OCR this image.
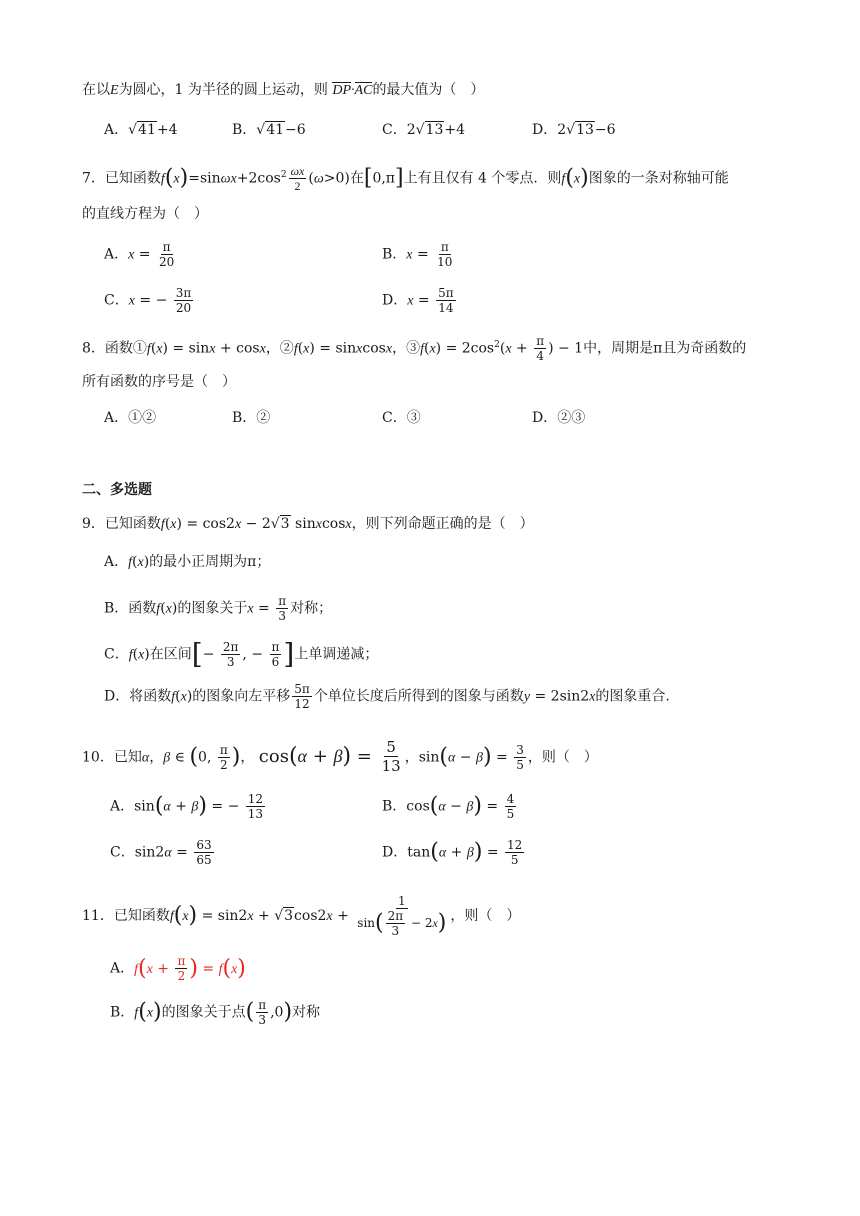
在以E为圆心，1 为半径的圆上运动，则 DP·AC的最大值为（　）
A．√41+4	B．√41−6	C．2√13+4	D．2√13−6
7．已知函数$f(x)=\sin\omega x+2\cos^2 \frac{\omega x}{2} (\omega>0)$在[0,π]上有且仅有 4 个零点．则f(x)图象的一条对称轴可能
的直线方程为（　）
A．$x = \frac{\pi}{20}$	B．$x = \frac{\pi}{10}$
C．x = − $\frac{3\pi}{20}$	D．$x = \frac{5\pi}{14}$
8．函数①f(x) = sinx + cosx，②f(x) = sinxcosx，③f(x) = $2\cos^2(x + \frac{\pi}{4}$ ) − 1中，周期是π且为奇函数的
所有函数的序号是（　）
A．①②	B．②	C．③	D．②③
二、多选题
9．已知函数f(x) = cos2x − 2√3 sinxcosx，则下列命题正确的是（　）
A．f(x)的最小正周期为π；
B．函数f(x)的图象关于$x = \frac{\pi}{3}$ 对称；
C．f(x)在区间[− $\frac{2\pi}{3}$ , − $\frac{\pi}{6}$ ]上单调递减；
D．将函数f(x)的图象向左平移 $\frac{5\pi}{12}$ 个单位长度后所得到的图象与函数y = 2sin2x的图象重合.
10．已知α，β ∈ (0, $\frac{\pi}{2}$ )， $\cos(\alpha + \beta) = \frac{5}{13}$ ，$\sin(\alpha - \beta) = \frac{3}{5}$ ，则（　）
A．sin(α + β) = − $\frac{12}{13}$	B．$\cos(\alpha - \beta) = \frac{4}{5}$
C．$\sin 2\alpha = \frac{63}{65}$	D．$\tan(\alpha + \beta) = \frac{12}{5}$
11．已知函数$f(x) = \sin 2x + √3\cos 2x + \frac{1}{\sin( \frac{2\pi}{3} - 2x)}$ ，则（　）
A．$f(x + \frac{\pi}{2}$ ) = f(x)
B．f(x)的图象关于点( $\frac{\pi}{3} ,0$)对称
